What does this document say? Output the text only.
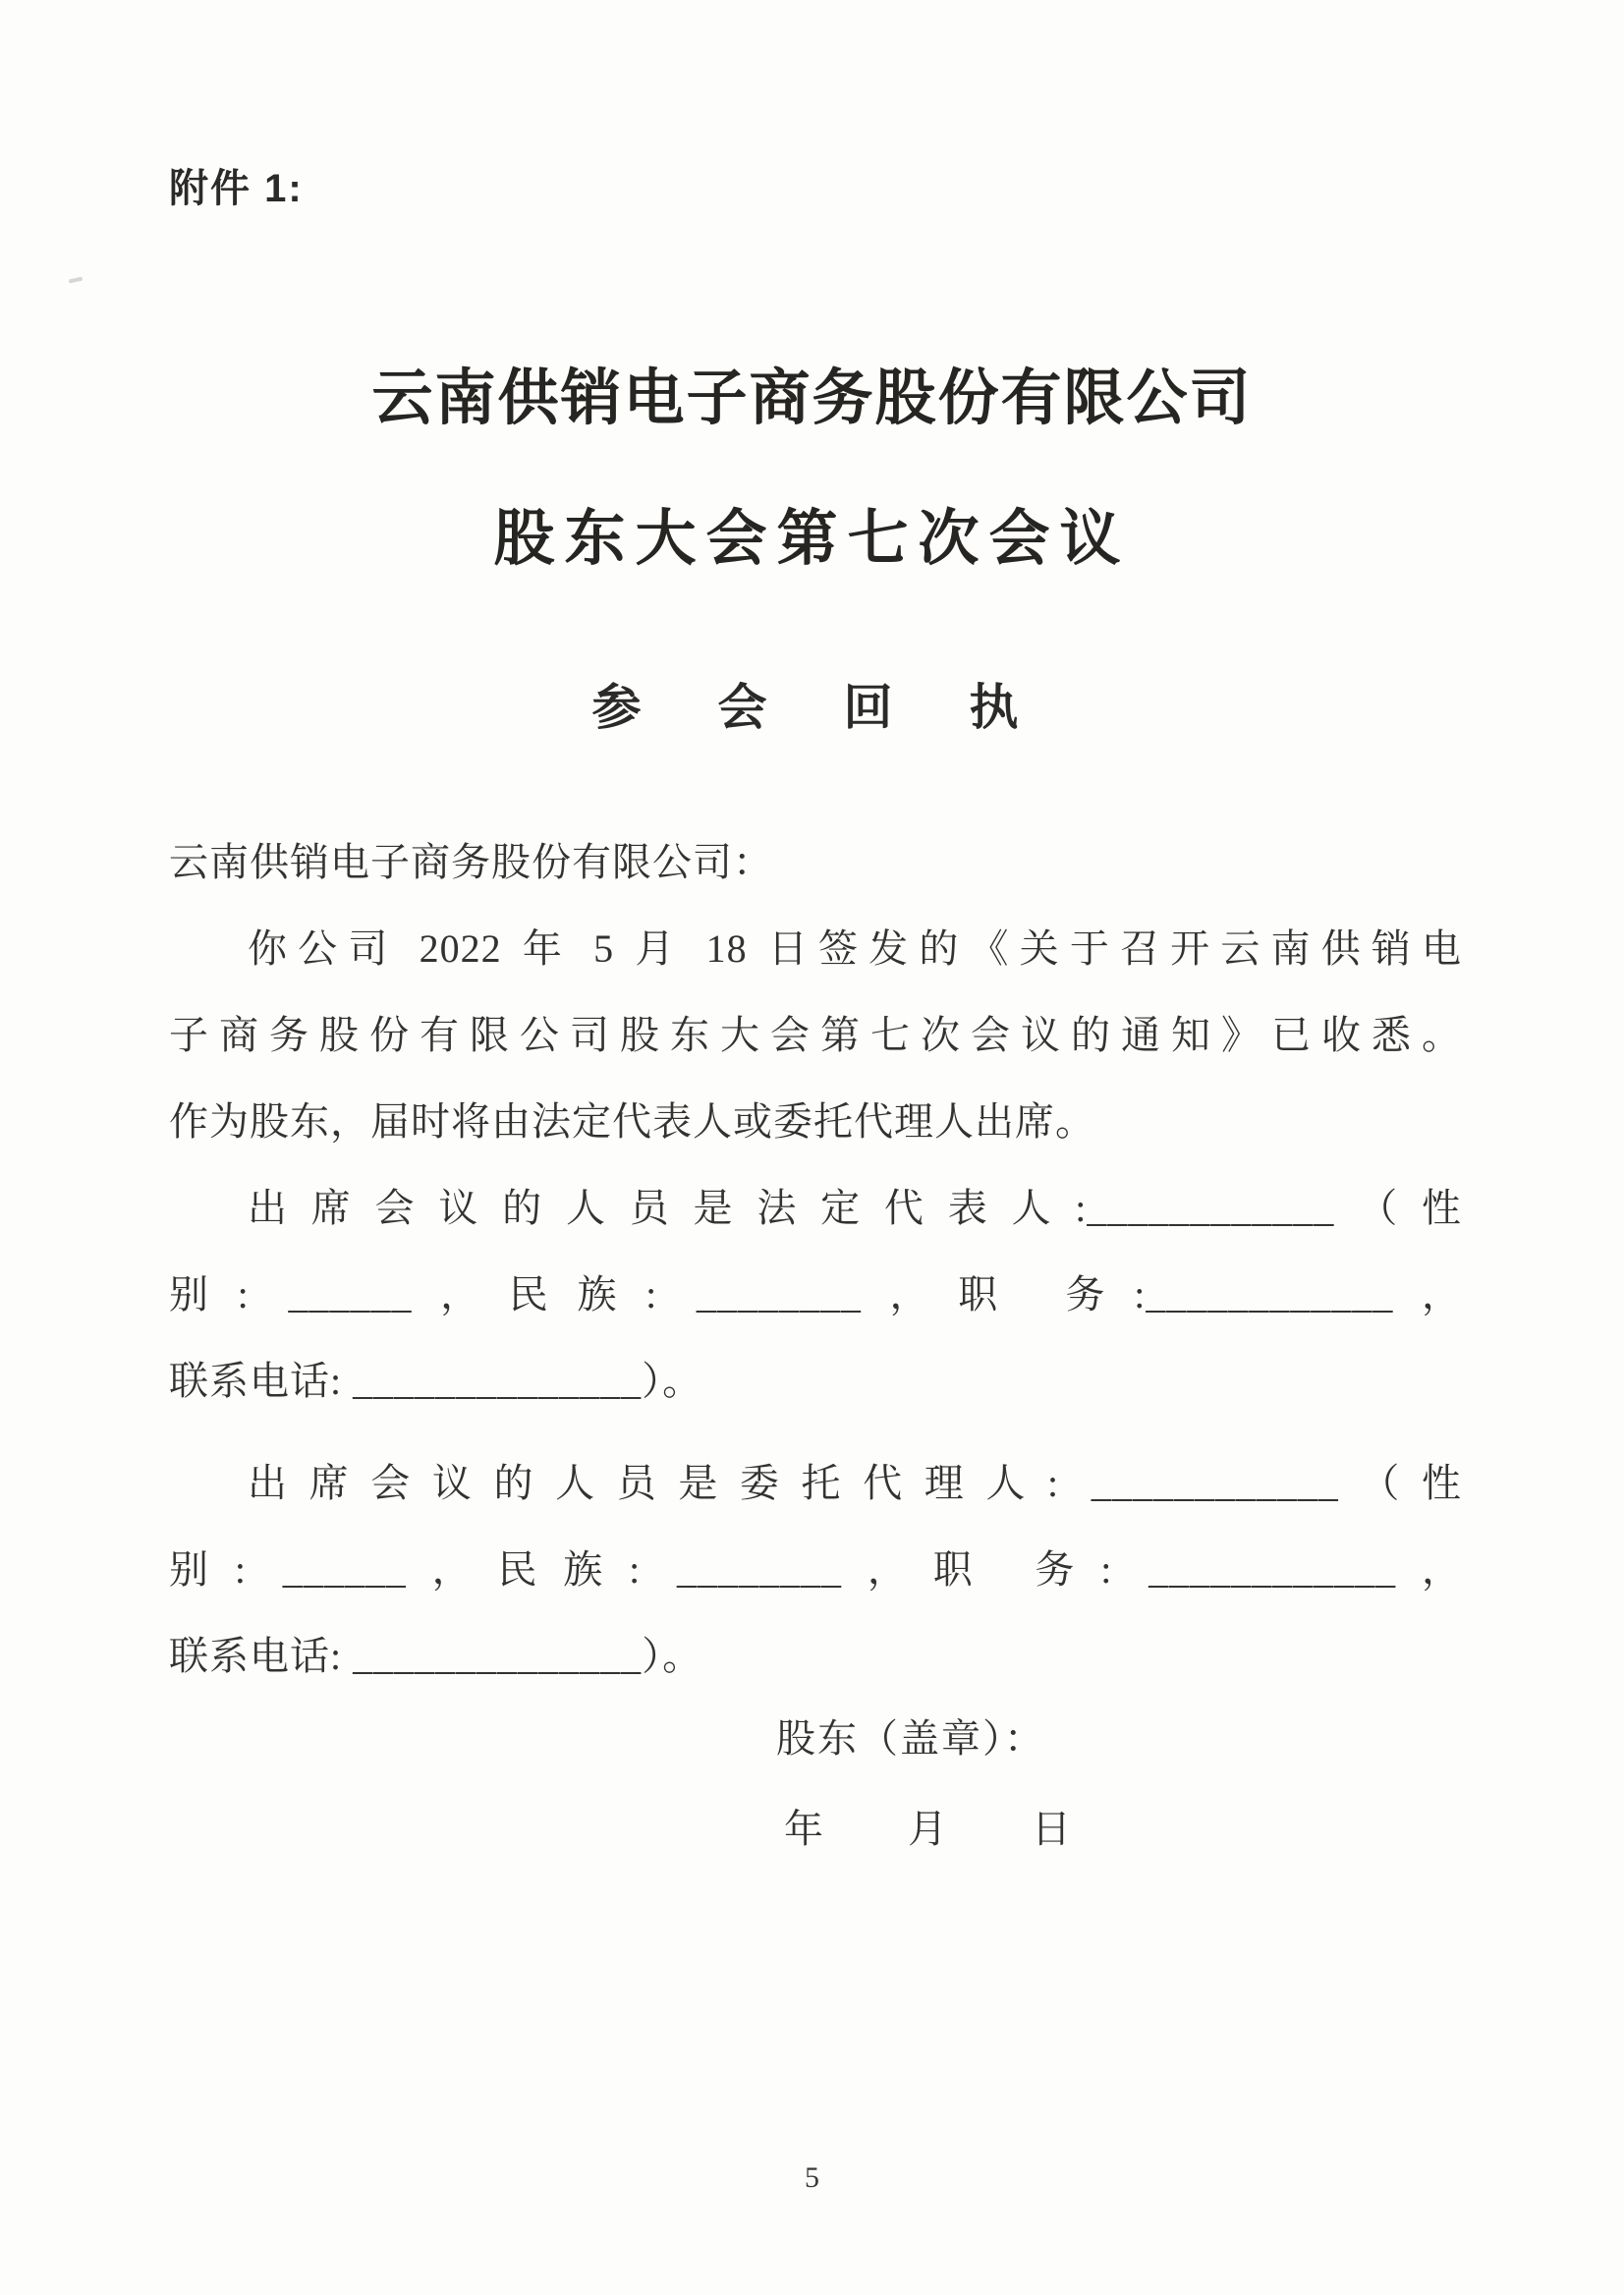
附件 1:
云南供销电子商务股份有限公司
股东大会第七次会议
参　会　回　执
云南供销电子商务股份有限公司：
你公司 2022 年 5 月 18 日签发的《关于召开云南供销电
子商务股份有限公司股东大会第七次会议的通知》已收悉。
作为股东，届时将由法定代表人或委托代理人出席。
出席会议的人员是法定代表人:____________（性
别: ______，民族: ________，职 务:____________，
联系电话: ______________）。
出席会议的人员是委托代理人: ____________（性
别: ______，民族: ________，职 务: ____________，
联系电话: ______________）。
股东（盖章）：
年　　月　　日
5
